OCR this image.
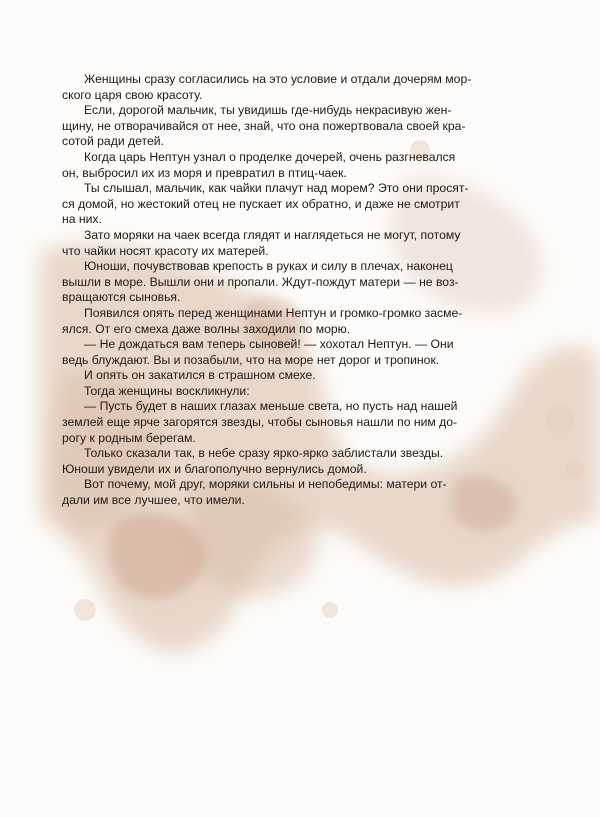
Женщины сразу согласились на это условие и отдали дочерям мор-
ского царя свою красоту.

Если, дорогой мальчик, ты увидишь где-нибудь некрасивую жен-
щину, не отворачивайся от нее, знай, что она пожертвовала своей кра-
сотой ради детей.

Когда царь Нептун узнал о проделке дочерей, очень разгневался
он, выбросил их из моря и превратил в птиц-чаек.

Ты слышал, мальчик, как чайки плачут над морем? Это они просят-
ся домой, но жестокий отец не пускает их обратно, и даже не смотрит
на них.

Зато моряки на чаек всегда глядят и наглядеться не могут, потому
что чайки носят красоту их матерей.

Юноши, почувствовав крепость в руках и силу в плечах, наконец
вышли в море. Вышли они и пропали. Ждут-пождут матери — не воз-
вращаются сыновья.

Появился опять перед женщинами Нептун и громко-громко засме-
ялся. От его смеха даже волны заходили по морю.

— Не дождаться вам теперь сыновей! — хохотал Нептун. — Они
ведь блуждают. Вы и позабыли, что на море нет дорог и тропинок.

И опять он закатился в страшном смехе.

Тогда женщины воскликнули:

— Пусть будет в наших глазах меньше света, но пусть над нашей
землей еще ярче загорятся звезды, чтобы сыновья нашли по ним до-
рогу к родным берегам.

Только сказали так, в небе сразу ярко-ярко заблистали звезды.
Юноши увидели их и благополучно вернулись домой.

Вот почему, мой друг, моряки сильны и непобедимы: матери от-
дали им все лучшее, что имели.
